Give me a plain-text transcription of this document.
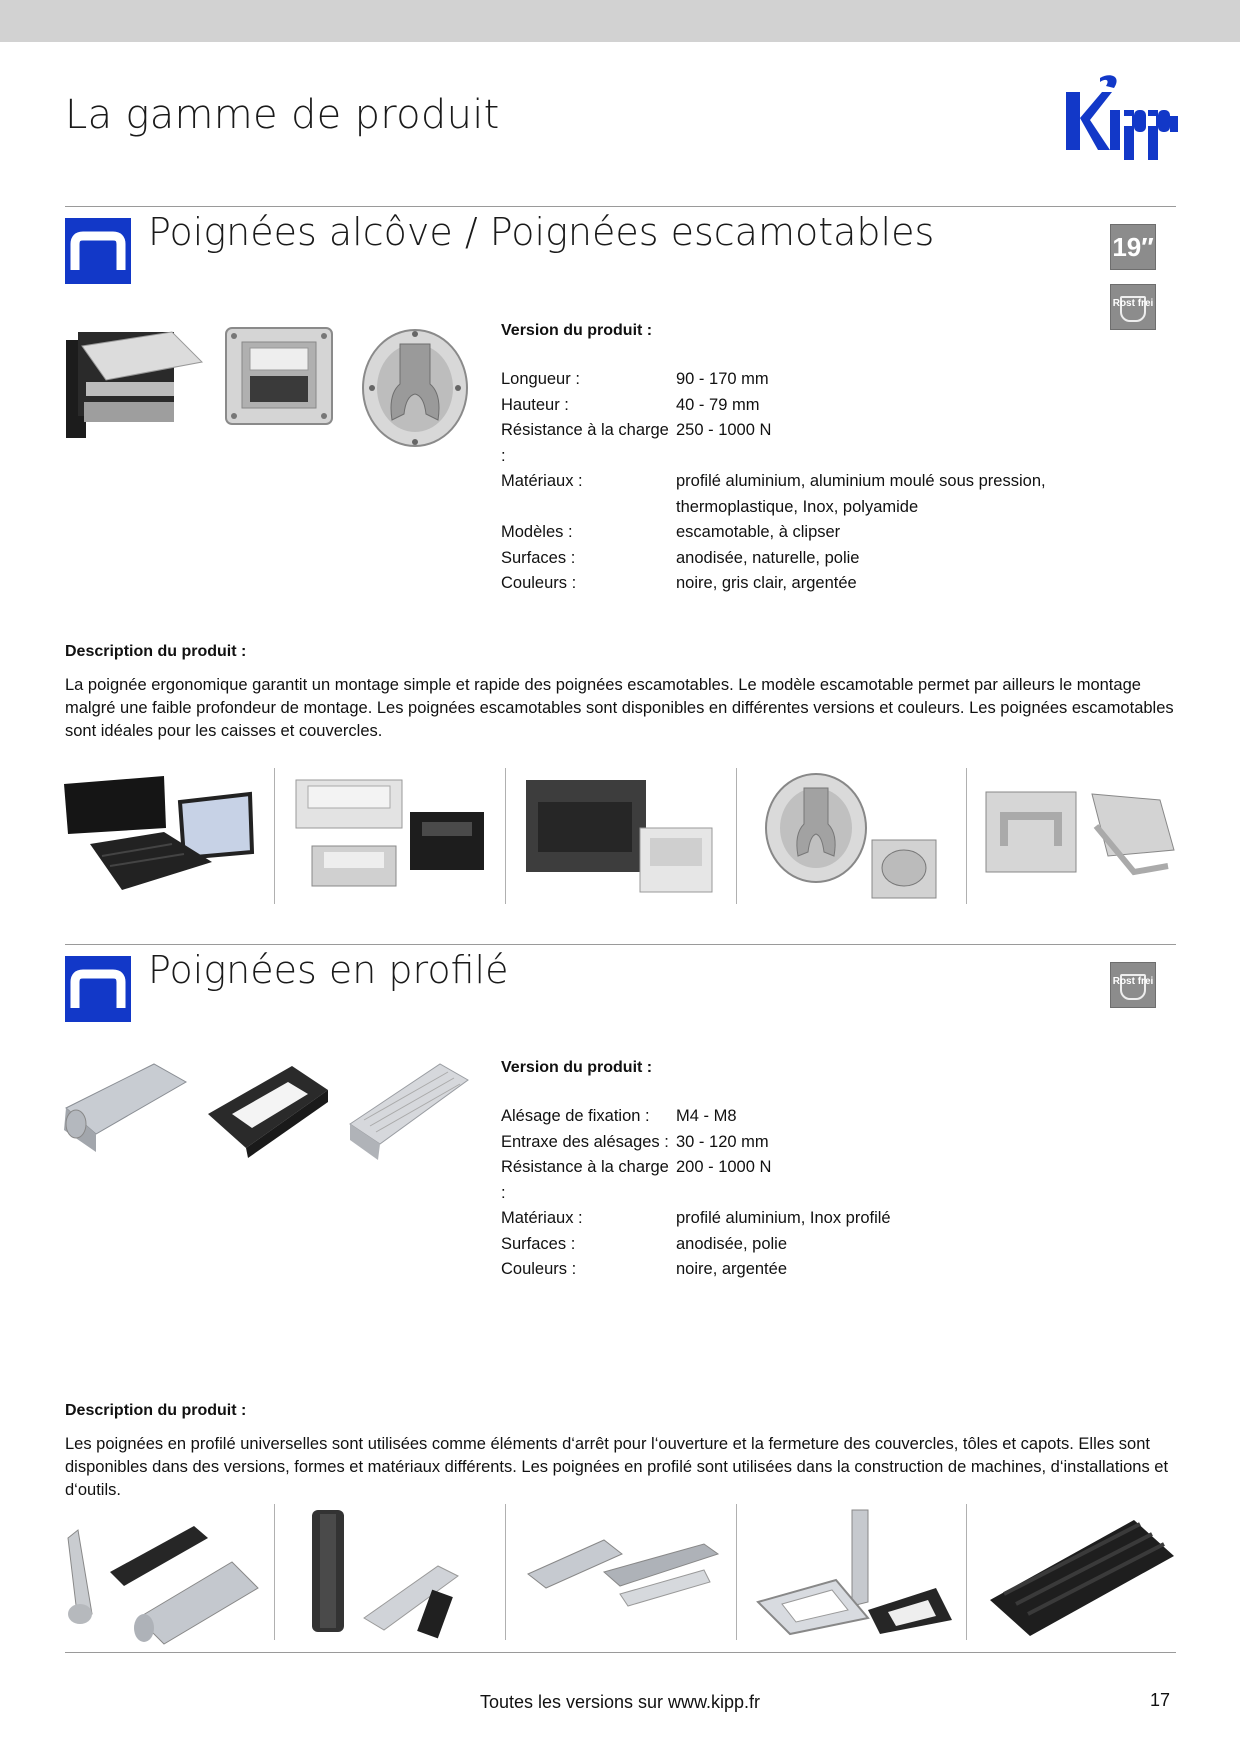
La gamme de produit
Poignées alcôve / Poignées escamotables	19″
Rost frei
Version du produit :
Longueur :	90 - 170 mm
Hauteur :	40 - 79 mm
Résistance à la charge :	250 - 1000 N
Matériaux :	profilé aluminium, aluminium moulé sous pression,
	thermoplastique, Inox, polyamide
Modèles :	escamotable, à clipser
Surfaces :	anodisée, naturelle, polie
Couleurs :	noire, gris clair, argentée
Description du produit :

La poignée ergonomique garantit un montage simple et rapide des poignées escamotables. Le modèle escamotable permet par ailleurs le montage malgré une faible profondeur de montage. Les poignées escamotables sont disponibles en différentes versions et couleurs. Les poignées escamotables sont idéales pour les caisses et couvercles.

Poignées en profilé	Rost frei
Version du produit :
Alésage de fixation :	M4 - M8
Entraxe des alésages :	30 - 120 mm
Résistance à la charge :	200 - 1000 N
Matériaux :	profilé aluminium, Inox profilé
Surfaces :	anodisée, polie
Couleurs :	noire, argentée
Description du produit :

Les poignées en profilé universelles sont utilisées comme éléments d‘arrêt pour l‘ouverture et la fermeture des couvercles, tôles et capots. Elles sont disponibles dans des versions, formes et matériaux différents. Les poignées en profilé sont utilisées dans la construction de machines, d‘installations et d‘outils.

Toutes les versions sur www.kipp.fr	17
